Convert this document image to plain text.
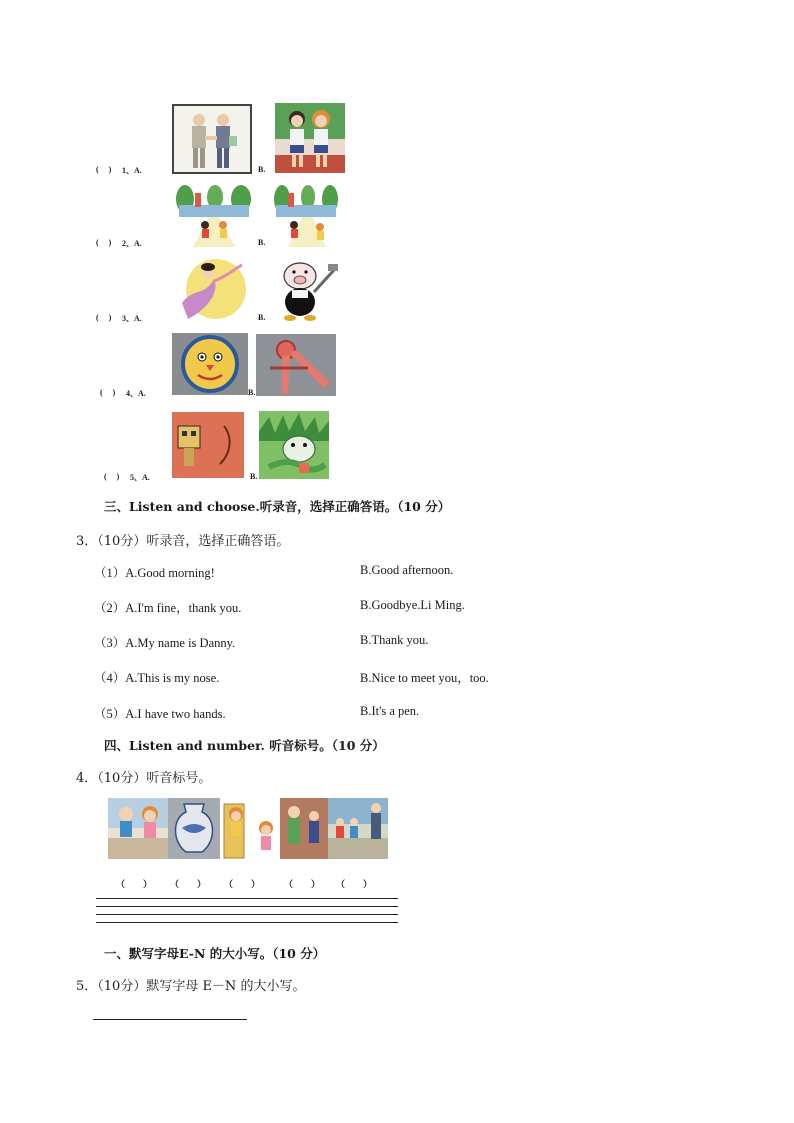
( ) 1、A.	B.
( ) 2、A.	B.
( ) 3、A.	B.
( ) 4、A.	B.
( ) 5、A.	B.
三、Listen and choose.听录音，选择正确答语。（10 分）
3．（10分）听录音，选择正确答语。
（1）A.Good morning!	B.Good afternoon.
（2）A.I'm fine，thank you.	B.Goodbye.Li Ming.
（3）A.My name is Danny.	B.Thank you.
（4）A.This is my nose.	B.Nice to meet you，too.
（5）A.I have two hands.	B.It's a pen.
四、Listen and number. 听音标号。（10 分）
4．（10分）听音标号。
（　　） （　　） （　　）	（　　） （　　）
一、默写字母E-N 的大小写。（10 分）
5．（10分）默写字母 E－N 的大小写。
